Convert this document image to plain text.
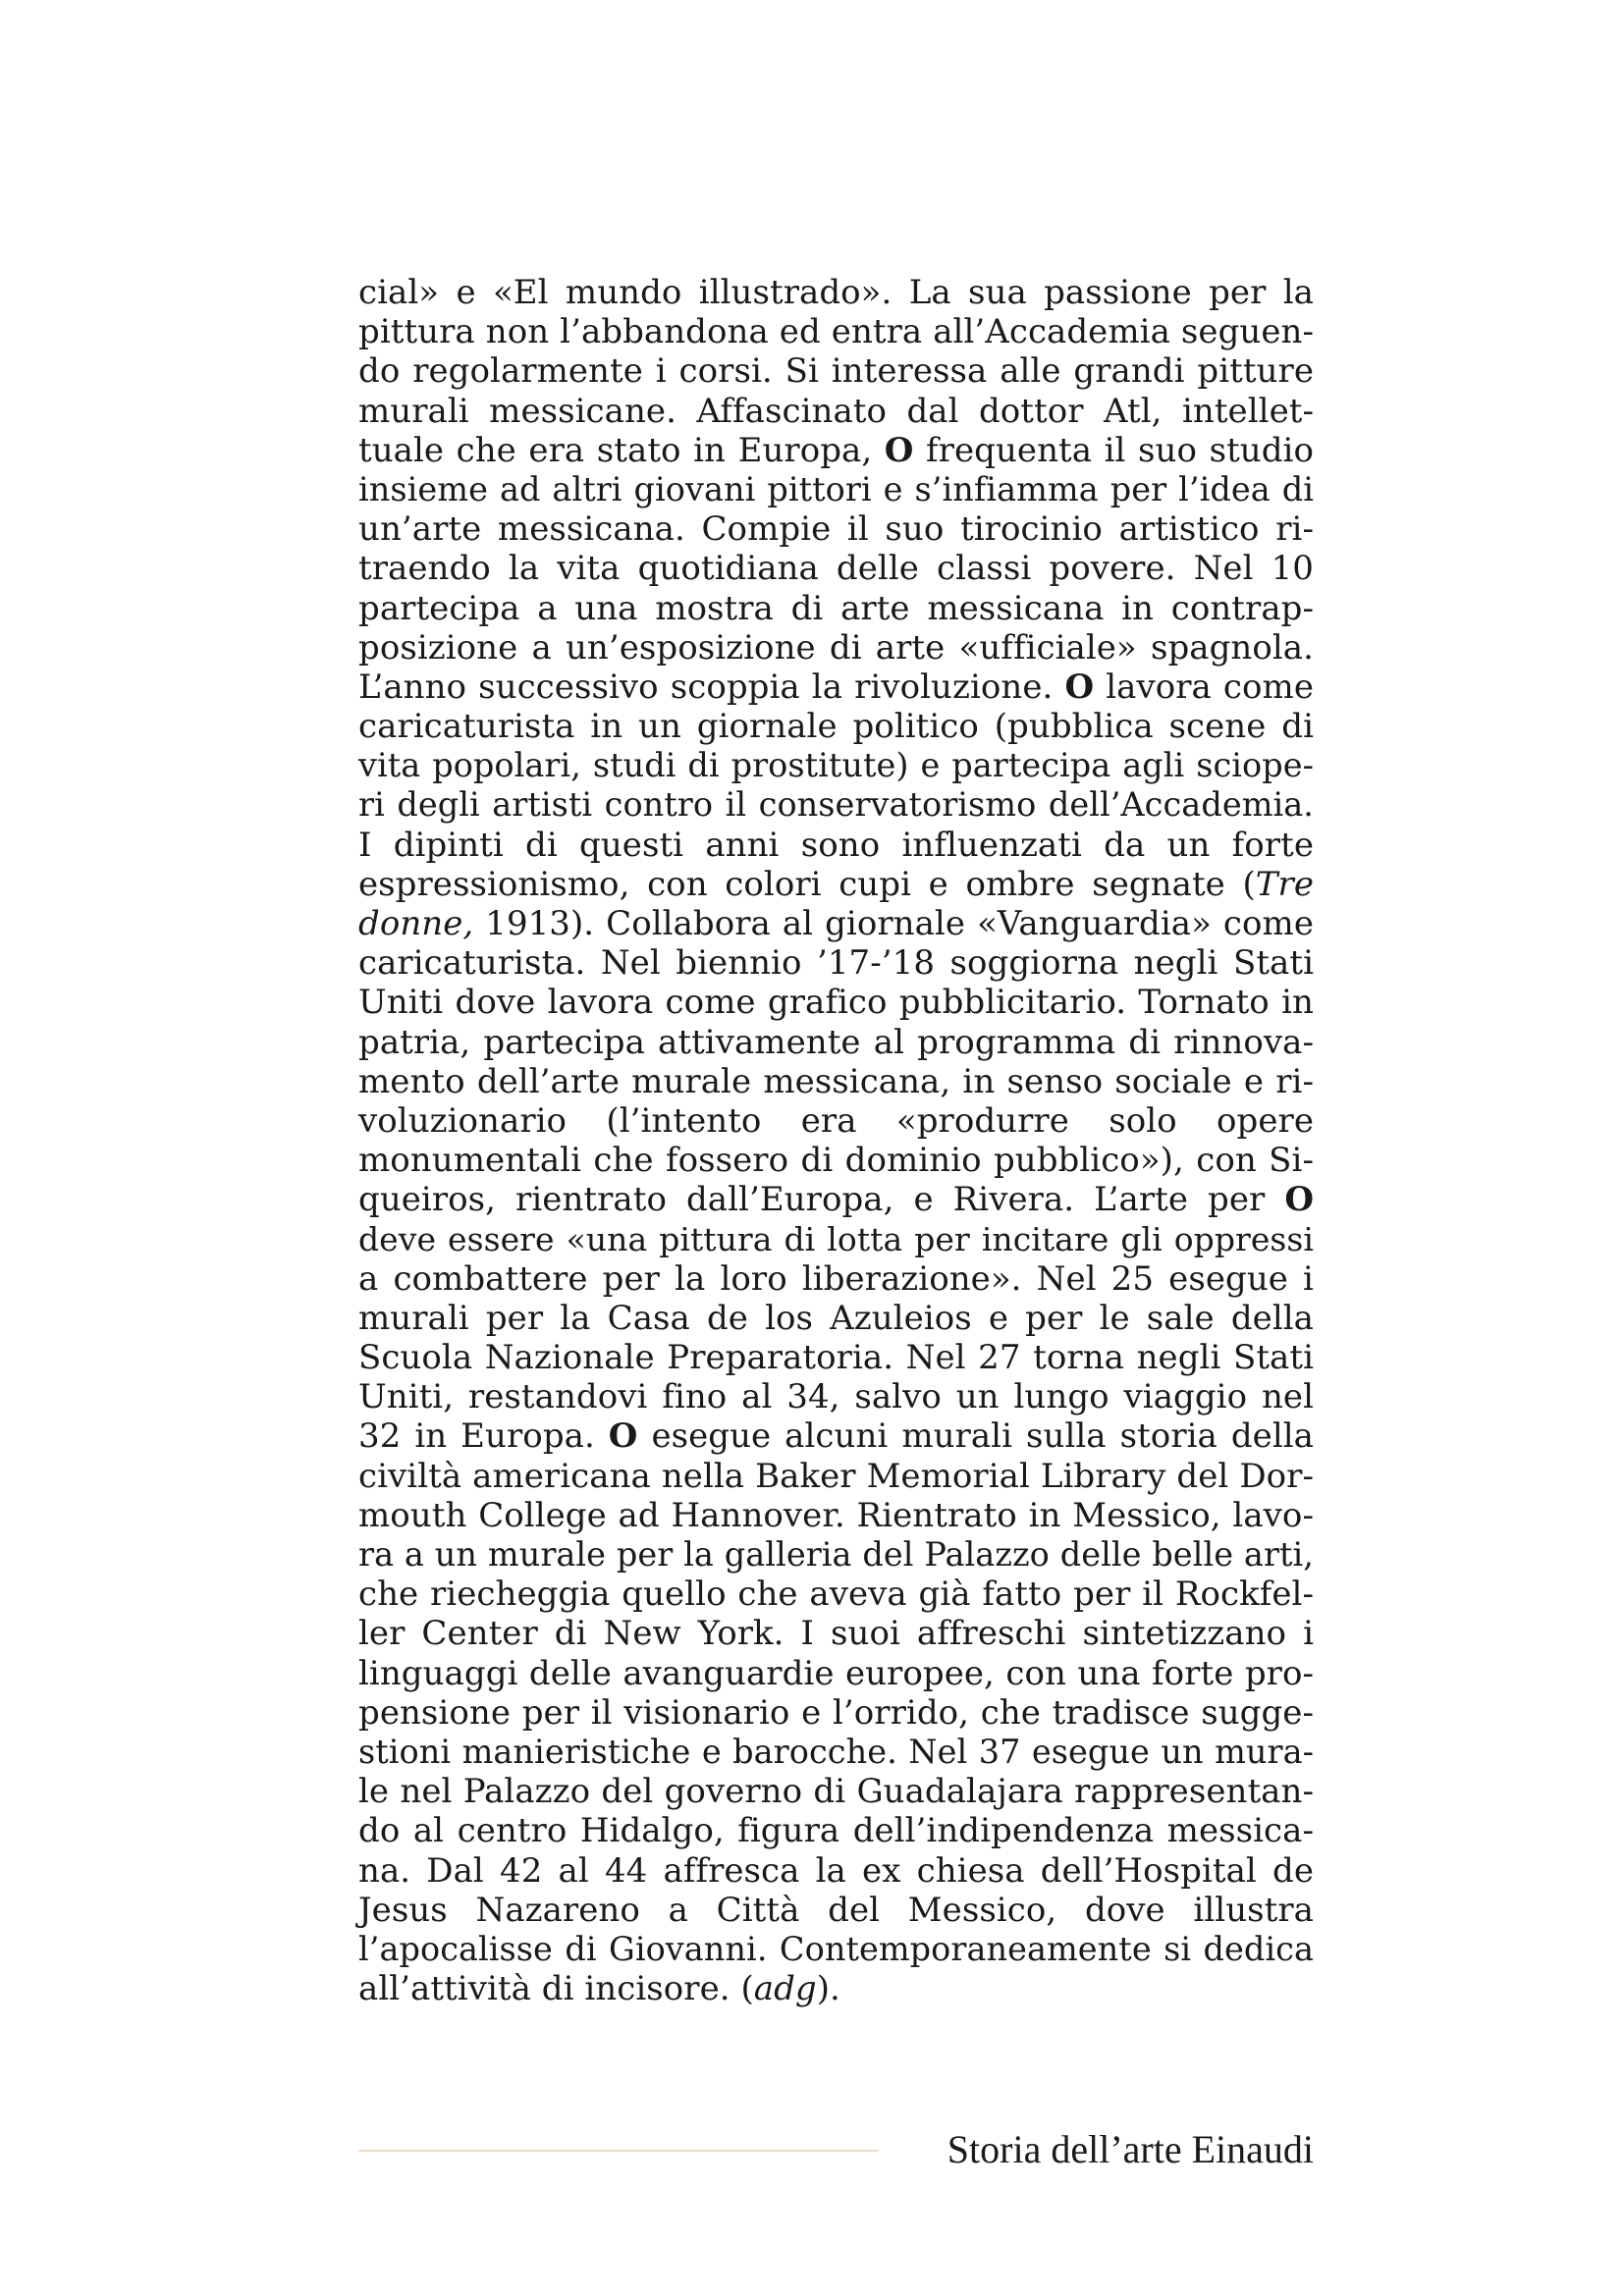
cial» e «El mundo illustrado». La sua passione per la
pittura non l’abbandona ed entra all’Accademia seguen-
do regolarmente i corsi. Si interessa alle grandi pitture
murali messicane. Affascinato dal dottor Atl, intellet-
tuale che era stato in Europa, O frequenta il suo studio
insieme ad altri giovani pittori e s’infiamma per l’idea di
un’arte messicana. Compie il suo tirocinio artistico ri-
traendo la vita quotidiana delle classi povere. Nel 10
partecipa a una mostra di arte messicana in contrap-
posizione a un’esposizione di arte «ufficiale» spagnola.
L’anno successivo scoppia la rivoluzione. O lavora come
caricaturista in un giornale politico (pubblica scene di
vita popolari, studi di prostitute) e partecipa agli sciope-
ri degli artisti contro il conservatorismo dell’Accademia.
I dipinti di questi anni sono influenzati da un forte
espressionismo, con colori cupi e ombre segnate (Tre
donne, 1913). Collabora al giornale «Vanguardia» come
caricaturista. Nel biennio ’17-’18 soggiorna negli Stati
Uniti dove lavora come grafico pubblicitario. Tornato in
patria, partecipa attivamente al programma di rinnova-
mento dell’arte murale messicana, in senso sociale e ri-
voluzionario (l’intento era «produrre solo opere
monumentali che fossero di dominio pubblico»), con Si-
queiros, rientrato dall’Europa, e Rivera. L’arte per O
deve essere «una pittura di lotta per incitare gli oppressi
a combattere per la loro liberazione». Nel 25 esegue i
murali per la Casa de los Azuleios e per le sale della
Scuola Nazionale Preparatoria. Nel 27 torna negli Stati
Uniti, restandovi fino al 34, salvo un lungo viaggio nel
32 in Europa. O esegue alcuni murali sulla storia della
civiltà americana nella Baker Memorial Library del Dor-
mouth College ad Hannover. Rientrato in Messico, lavo-
ra a un murale per la galleria del Palazzo delle belle arti,
che riecheggia quello che aveva già fatto per il Rockfel-
ler Center di New York. I suoi affreschi sintetizzano i
linguaggi delle avanguardie europee, con una forte pro-
pensione per il visionario e l’orrido, che tradisce sugge-
stioni manieristiche e barocche. Nel 37 esegue un mura-
le nel Palazzo del governo di Guadalajara rappresentan-
do al centro Hidalgo, figura dell’indipendenza messica-
na. Dal 42 al 44 affresca la ex chiesa dell’Hospital de
Jesus Nazareno a Città del Messico, dove illustra
l’apocalisse di Giovanni. Contemporaneamente si dedica
all’attività di incisore. (adg).
Storia dell’arte Einaudi
